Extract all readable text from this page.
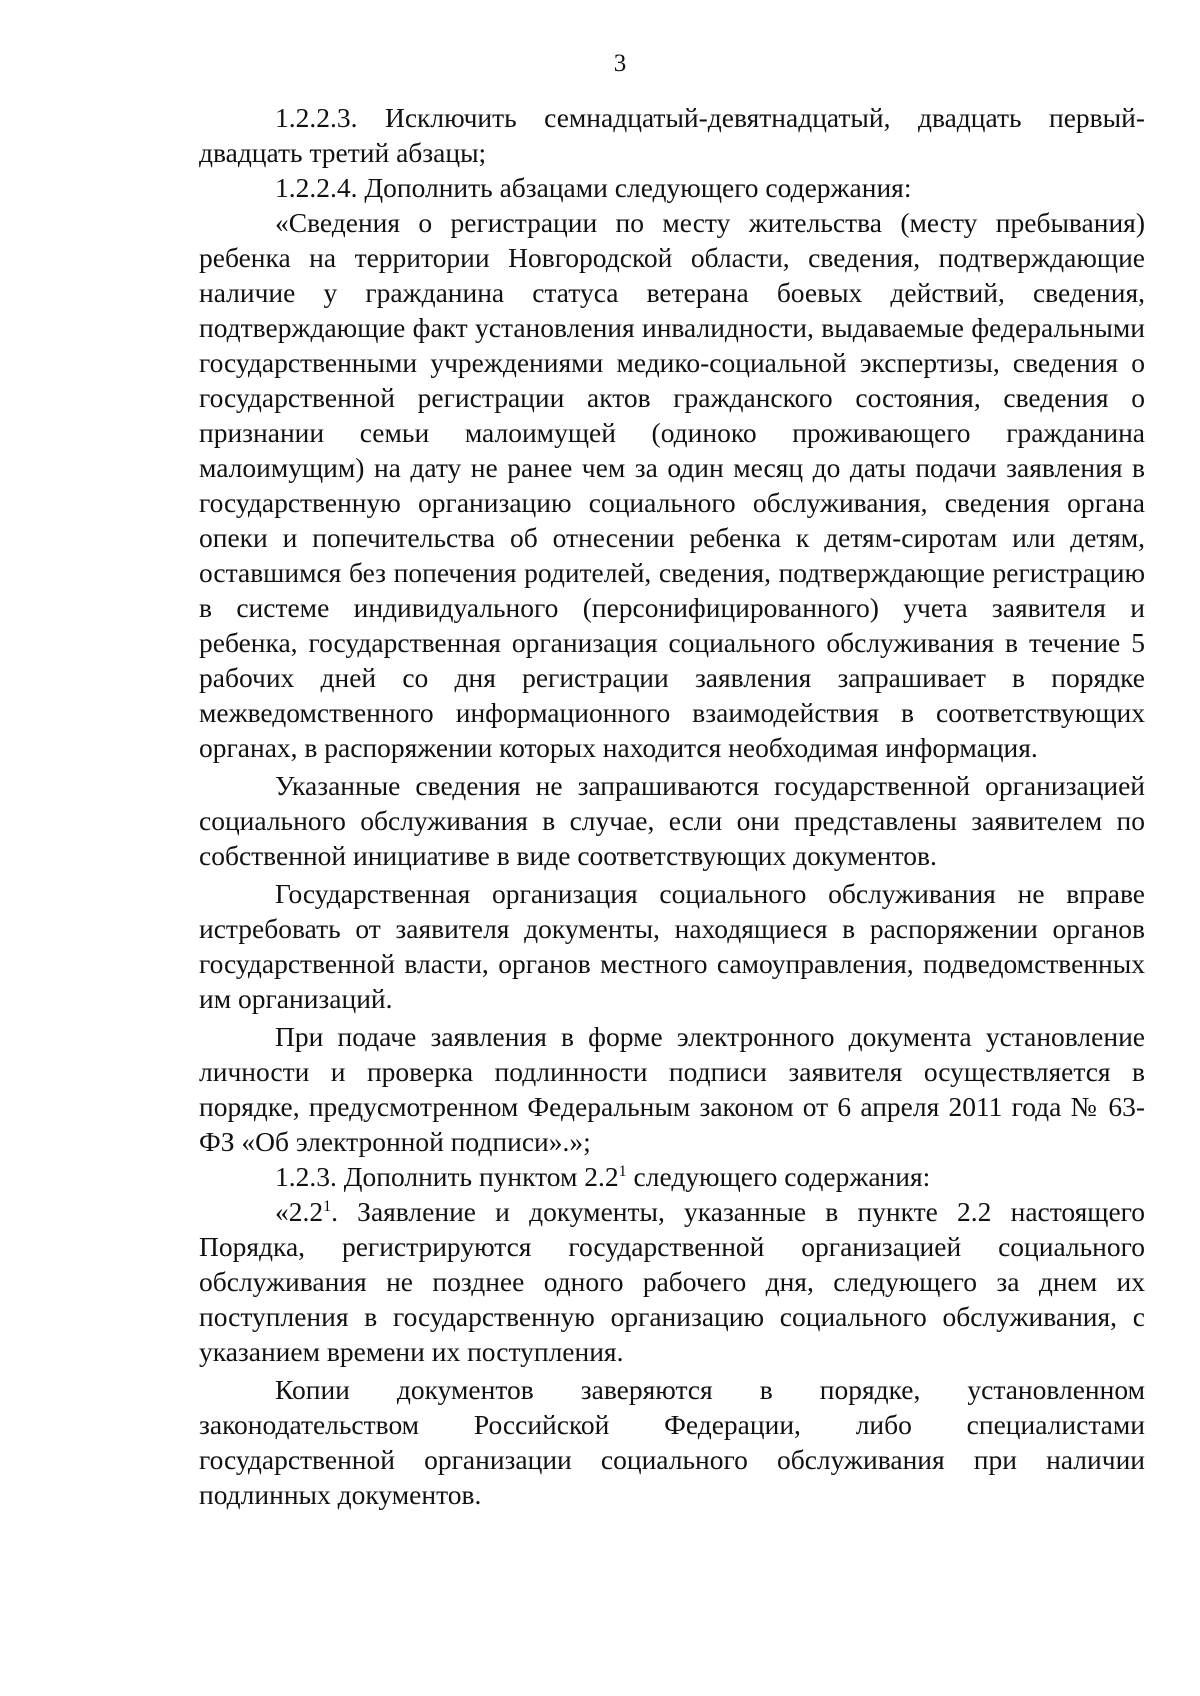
3

1.2.2.3. Исключить семнадцатый-девятнадцатый, двадцать первый-двадцать третий абзацы;

1.2.2.4. Дополнить абзацами следующего содержания:

«Сведения о регистрации по месту жительства (месту пребывания) ребенка на территории Новгородской области, сведения, подтверждающие наличие у гражданина статуса ветерана боевых действий, сведения, подтверждающие факт установления инвалидности, выдаваемые федеральными государственными учреждениями медико-социальной экспертизы, сведения о государственной регистрации актов гражданского состояния, сведения о признании семьи малоимущей (одиноко проживающего гражданина малоимущим) на дату не ранее чем за один месяц до даты подачи заявления в государственную организацию социального обслуживания, сведения органа опеки и попечительства об отнесении ребенка к детям-сиротам или детям, оставшимся без попечения родителей, сведения, подтверждающие регистрацию в системе индивидуального (персонифицированного) учета заявителя и ребенка, государственная организация социального обслуживания в течение 5 рабочих дней со дня регистрации заявления запрашивает в порядке межведомственного информационного взаимодействия в соответствующих органах, в распоряжении которых находится необходимая информация.

Указанные сведения не запрашиваются государственной организацией социального обслуживания в случае, если они представлены заявителем по собственной инициативе в виде соответствующих документов.

Государственная организация социального обслуживания не вправе истребовать от заявителя документы, находящиеся в распоряжении органов государственной власти, органов местного самоуправления, подведомственных им организаций.

При подаче заявления в форме электронного документа установление личности и проверка подлинности подписи заявителя осуществляется в порядке, предусмотренном Федеральным законом от 6 апреля 2011 года № 63-ФЗ «Об электронной подписи».»;

1.2.3. Дополнить пунктом $2.2^1$ следующего содержания:

«$2.2^1$. Заявление и документы, указанные в пункте 2.2 настоящего Порядка, регистрируются государственной организацией социального обслуживания не позднее одного рабочего дня, следующего за днем их поступления в государственную организацию социального обслуживания, с указанием времени их поступления.

Копии документов заверяются в порядке, установленном законодательством Российской Федерации, либо специалистами государственной организации социального обслуживания при наличии подлинных документов.
